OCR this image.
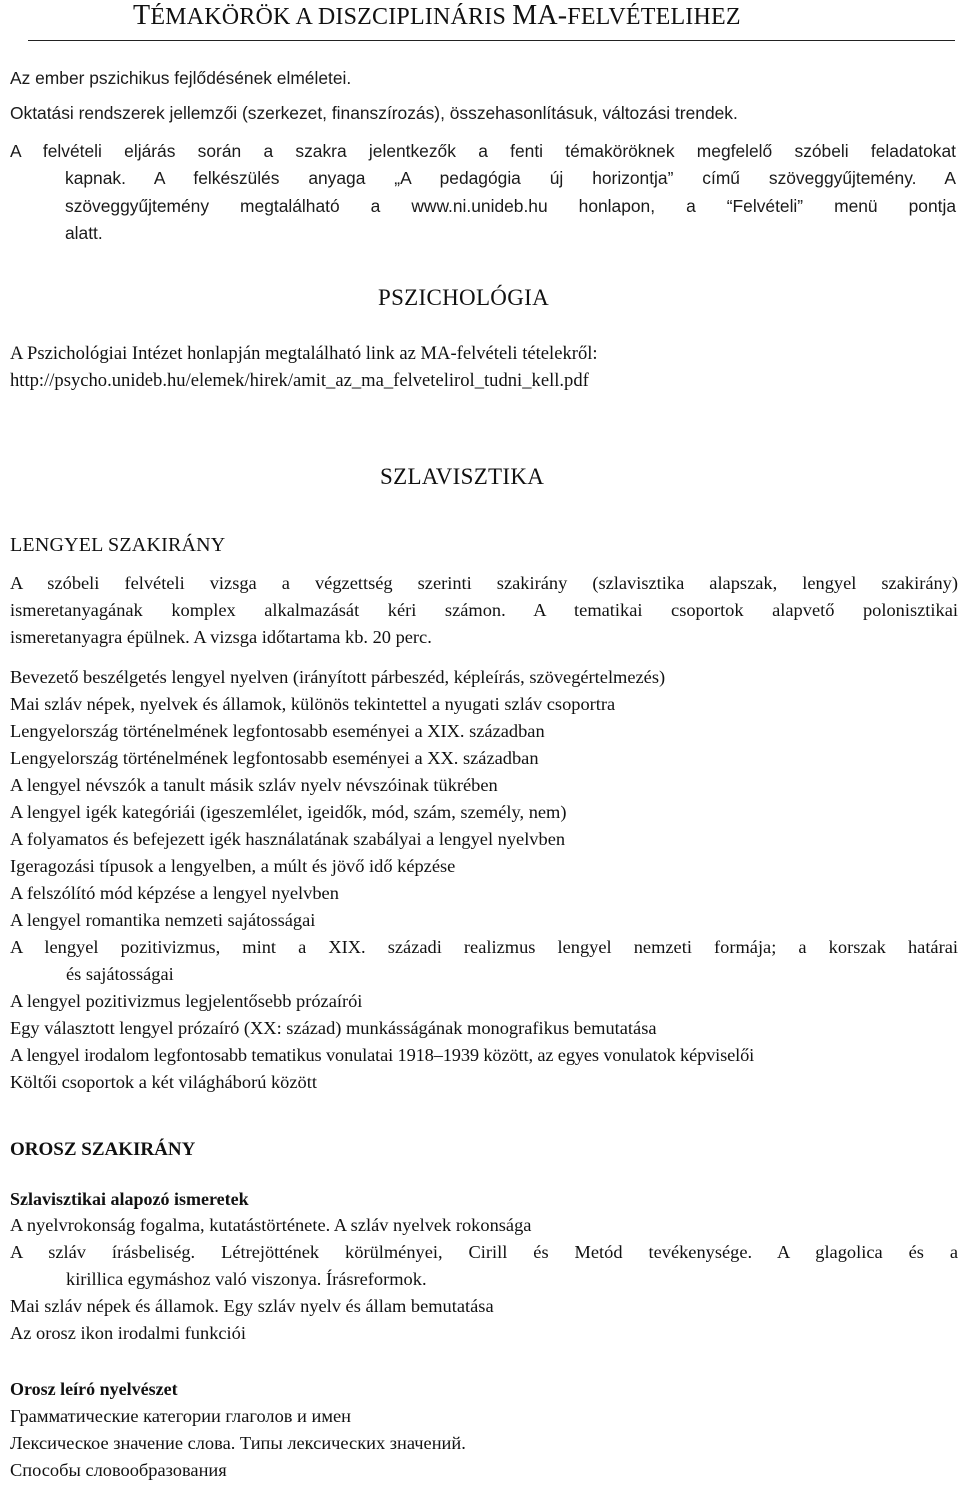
TÉMAKÖRÖK A DISZCIPLINÁRIS MA-FELVÉTELIHEZ
Az ember pszichikus fejlődésének elméletei.
Oktatási rendszerek jellemzői (szerkezet, finanszírozás), összehasonlításuk, változási trendek.
A felvételi eljárás során a szakra jelentkezők a fenti témaköröknek megfelelő szóbeli feladatokat
kapnak. A felkészülés anyaga „A pedagógia új horizontja” című szöveggyűjtemény. A
szöveggyűjtemény megtalálható a www.ni.unideb.hu honlapon, a “Felvételi” menü pontja
alatt.
PSZICHOLÓGIA
A Pszichológiai Intézet honlapján megtalálható link az MA-felvételi tételekről:
http://psycho.unideb.hu/elemek/hirek/amit_az_ma_felvetelirol_tudni_kell.pdf
SZLAVISZTIKA
LENGYEL SZAKIRÁNY
A szóbeli felvételi vizsga a végzettség szerinti szakirány (szlavisztika alapszak, lengyel szakirány)
ismeretanyagának komplex alkalmazását kéri számon. A tematikai csoportok alapvető polonisztikai
ismeretanyagra épülnek. A vizsga időtartama kb. 20 perc.
Bevezető beszélgetés lengyel nyelven (irányított párbeszéd, képleírás, szövegértelmezés)
Mai szláv népek, nyelvek és államok, különös tekintettel a nyugati szláv csoportra
Lengyelország történelmének legfontosabb eseményei a XIX. században
Lengyelország történelmének legfontosabb eseményei a XX. században
A lengyel névszók a tanult másik szláv nyelv névszóinak tükrében
A lengyel igék kategóriái (igeszemlélet, igeidők, mód, szám, személy, nem)
A folyamatos és befejezett igék használatának szabályai a lengyel nyelvben
Igeragozási típusok a lengyelben, a múlt és jövő idő képzése
A felszólító mód képzése a lengyel nyelvben
A lengyel romantika nemzeti sajátosságai
A lengyel pozitivizmus, mint a XIX. századi realizmus lengyel nemzeti formája; a korszak határai
és sajátosságai
A lengyel pozitivizmus legjelentősebb prózaírói
Egy választott lengyel prózaíró (XX: század) munkásságának monografikus bemutatása
A lengyel irodalom legfontosabb tematikus vonulatai 1918–1939 között, az egyes vonulatok képviselői
Költői csoportok a két világháború között
OROSZ SZAKIRÁNY
Szlavisztikai alapozó ismeretek
A nyelvrokonság fogalma, kutatástörténete. A szláv nyelvek rokonsága
A szláv írásbeliség. Létrejöttének körülményei, Cirill és Metód tevékenysége. A glagolica és a
kirillica egymáshoz való viszonya. Írásreformok.
Mai szláv népek és államok. Egy szláv nyelv és állam bemutatása
Az orosz ikon irodalmi funkciói
Orosz leíró nyelvészet
Грамматические категории глаголов и имен
Лексическое значение слова. Типы лексических значений.
Способы словообразования
